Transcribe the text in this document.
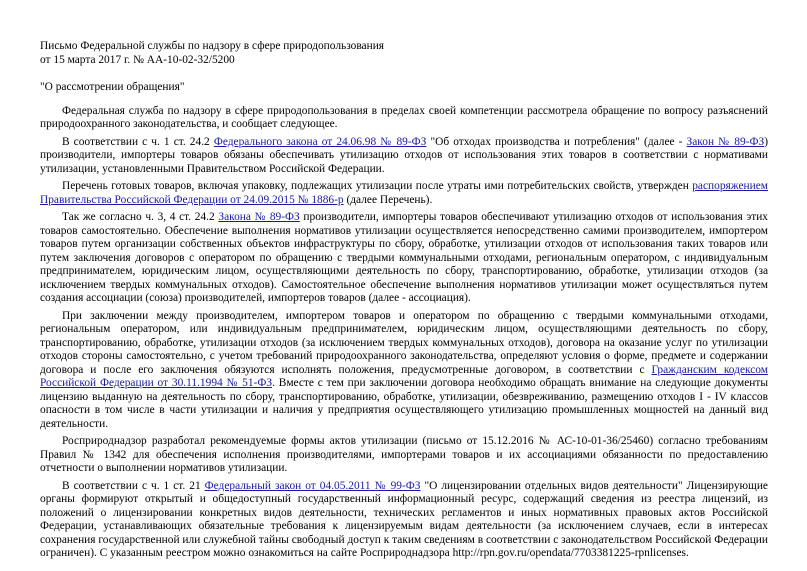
Письмо Федеральной службы по надзору в сфере природопользования
от 15 марта 2017 г. № АА-10-02-32/5200
"О рассмотрении обращения"

Федеральная служба по надзору в сфере природопользования в пределах своей компетенции рассмотрела обращение по вопросу разъяснений природоохранного законодательства, и сообщает следующее.

В соответствии с ч. 1 ст. 24.2 Федерального закона от 24.06.98 № 89-ФЗ "Об отходах производства и потребления" (далее - Закон № 89-ФЗ) производители, импортеры товаров обязаны обеспечивать утилизацию отходов от использования этих товаров в соответствии с нормативами утилизации, установленными Правительством Российской Федерации.

Перечень готовых товаров, включая упаковку, подлежащих утилизации после утраты ими потребительских свойств, утвержден распоряжением Правительства Российской Федерации от 24.09.2015 № 1886-р (далее Перечень).

Так же согласно ч. 3, 4 ст. 24.2 Закона № 89-ФЗ производители, импортеры товаров обеспечивают утилизацию отходов от использования этих товаров самостоятельно. Обеспечение выполнения нормативов утилизации осуществляется непосредственно самими производителем, импортером товаров путем организации собственных объектов инфраструктуры по сбору, обработке, утилизации отходов от использования таких товаров или путем заключения договоров с оператором по обращению с твердыми коммунальными отходами, региональным оператором, с индивидуальным предпринимателем, юридическим лицом, осуществляющими деятельность по сбору, транспортированию, обработке, утилизации отходов (за исключением твердых коммунальных отходов). Самостоятельное обеспечение выполнения нормативов утилизации может осуществляться путем создания ассоциации (союза) производителей, импортеров товаров (далее - ассоциация).

При заключении между производителем, импортером товаров и оператором по обращению с твердыми коммунальными отходами, региональным оператором, или индивидуальным предпринимателем, юридическим лицом, осуществляющими деятельность по сбору, транспортированию, обработке, утилизации отходов (за исключением твердых коммунальных отходов), договора на оказание услуг по утилизации отходов стороны самостоятельно, с учетом требований природоохранного законодательства, определяют условия о форме, предмете и содержании договора и после его заключения обязуются исполнять положения, предусмотренные договором, в соответствии с Гражданским кодексом Российской Федерации от 30.11.1994 № 51-ФЗ. Вместе с тем при заключении договора необходимо обращать внимание на следующие документы лицензию выданную на деятельность по сбору, транспортированию, обработке, утилизации, обезвреживанию, размещению отходов I - IV классов опасности в том числе в части утилизации и наличия у предприятия осуществляющего утилизацию промышленных мощностей на данный вид деятельности.

Росприроднадзор разработал рекомендуемые формы актов утилизации (письмо от 15.12.2016 № АС-10-01-36/25460) согласно требованиям Правил № 1342 для обеспечения исполнения производителями, импортерами товаров и их ассоциациями обязанности по предоставлению отчетности о выполнении нормативов утилизации.

В соответствии с ч. 1 ст. 21 Федеральный закон от 04.05.2011 № 99-ФЗ "О лицензировании отдельных видов деятельности" Лицензирующие органы формируют открытый и общедоступный государственный информационный ресурс, содержащий сведения из реестра лицензий, из положений о лицензировании конкретных видов деятельности, технических регламентов и иных нормативных правовых актов Российской Федерации, устанавливающих обязательные требования к лицензируемым видам деятельности (за исключением случаев, если в интересах сохранения государственной или служебной тайны свободный доступ к таким сведениям в соответствии с законодательством Российской Федерации ограничен). С указанным реестром можно ознакомиться на сайте Росприроднадзора http://rpn.gov.ru/opendata/7703381225-rpnlicenses.
